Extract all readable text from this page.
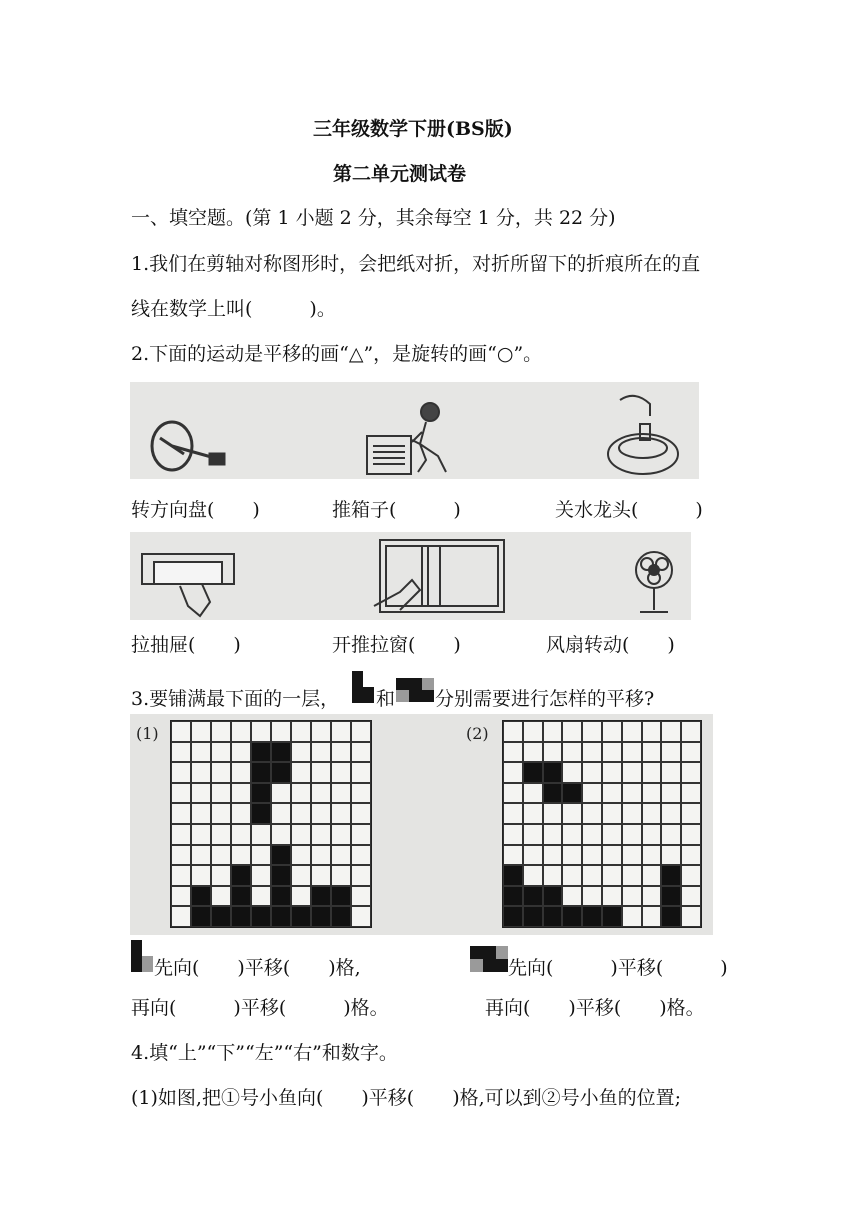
三年级数学下册(BS版)
第二单元测试卷
一、填空题。(第 1 小题 2 分，其余每空 1 分，共 22 分)
1.我们在剪轴对称图形时，会把纸对折，对折所留下的折痕所在的直
线在数学上叫(　　　)。
2.下面的运动是平移的画“△”，是旋转的画“○”。
转方向盘(　　)	推箱子(　　　)	关水龙头(　　　)
拉抽屉(　　)	开推拉窗(　　)	风扇转动(　　)
3.要铺满最下面的一层， 和 分别需要进行怎样的平移?
(1)	(2)
先向(　　)平移(　　)格,	先向(　　　)平移(　　　)
再向(　　　)平移(　　　)格。	再向(　　)平移(　　)格。
4.填“上”“下”“左”“右”和数字。
(1)如图,把①号小鱼向(　　)平移(　　)格,可以到②号小鱼的位置;
